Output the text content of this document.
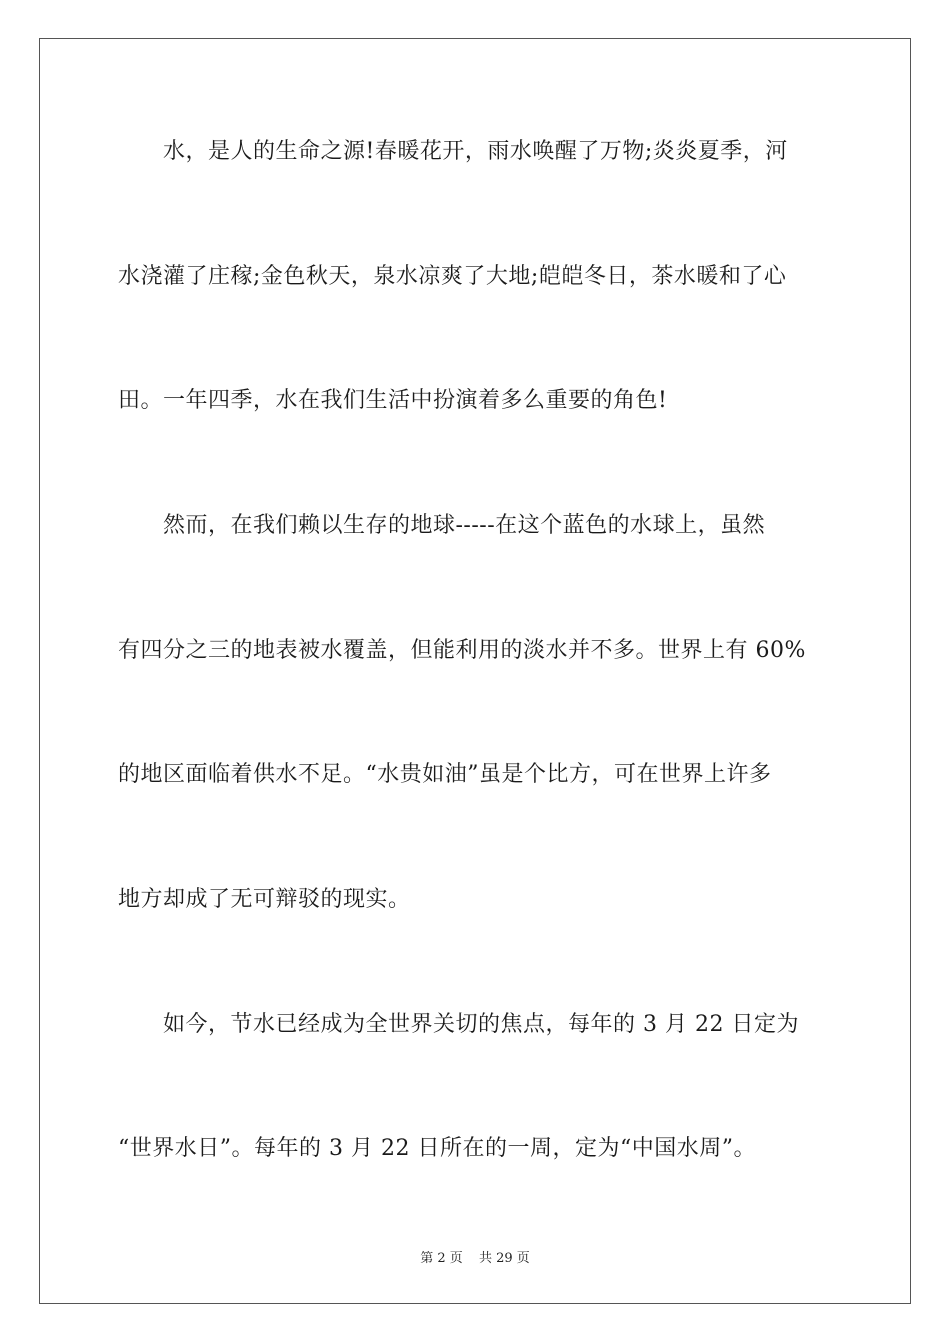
　　水，是人的生命之源!春暖花开，雨水唤醒了万物;炎炎夏季，河
水浇灌了庄稼;金色秋天，泉水凉爽了大地;皑皑冬日，茶水暖和了心
田。一年四季，水在我们生活中扮演着多么重要的角色!
　　然而，在我们赖以生存的地球-----在这个蓝色的水球上，虽然
有四分之三的地表被水覆盖，但能利用的淡水并不多。世界上有 60%
的地区面临着供水不足。“水贵如油”虽是个比方，可在世界上许多
地方却成了无可辩驳的现实。
　　如今，节水已经成为全世界关切的焦点，每年的 3 月 22 日定为
“世界水日”。每年的 3 月 22 日所在的一周，定为“中国水周”。
第 2 页 共 29 页
